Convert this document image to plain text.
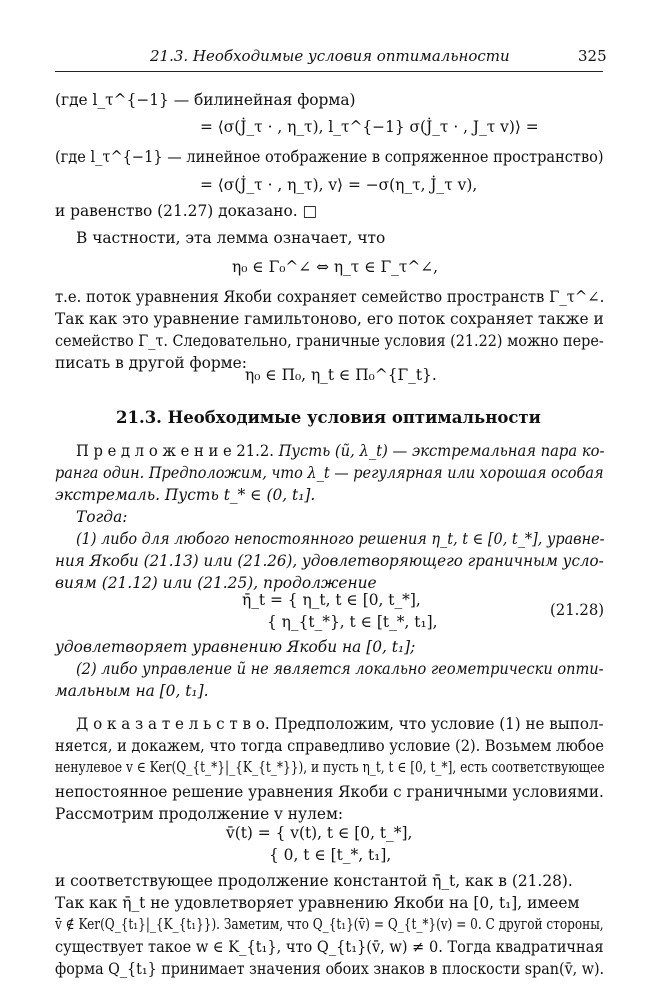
21.3. Необходимые условия оптимальности	325
(где l_τ^{−1} — билинейная форма)
= ⟨σ(J̇_τ · , η_τ), l_τ^{−1} σ(J̇_τ · , J_τ v)⟩ =
(где l_τ^{−1} — линейное отображение в сопряженное пространство)
= ⟨σ(J̇_τ · , η_τ), v⟩ = −σ(η_τ, J̇_τ v),
и равенство (21.27) доказано. □
В частности, эта лемма означает, что
η₀ ∈ Γ₀^∠ ⇔ η_τ ∈ Γ_τ^∠,
т.е. поток уравнения Якоби сохраняет семейство пространств Γ_τ^∠.
Так как это уравнение гамильтоново, его поток сохраняет также и
семейство Γ_τ. Следовательно, граничные условия (21.22) можно пере-
писать в другой форме:
η₀ ∈ Π₀, η_t ∈ Π₀^{Γ_t}.
21.3. Необходимые условия оптимальности
П р е д л о ж е н и е 21.2. Пусть (ũ, λ_t) — экстремальная пара ко-
ранга один. Предположим, что λ_t — регулярная или хорошая особая
экстремаль. Пусть t_* ∈ (0, t₁].
Тогда:
(1) либо для любого непостоянного решения η_t, t ∈ [0, t_*], уравне-
ния Якоби (21.13) или (21.26), удовлетворяющего граничным усло-
виям (21.12) или (21.25), продолжение
η̄_t = { η_t, t ∈ [0, t_*],
{ η_{t_*}, t ∈ [t_*, t₁],
(21.28)
удовлетворяет уравнению Якоби на [0, t₁];
(2) либо управление ũ не является локально геометрически опти-
мальным на [0, t₁].
Д о к а з а т е л ь с т в о. Предположим, что условие (1) не выпол-
няется, и докажем, что тогда справедливо условие (2). Возьмем любое
ненулевое v ∈ Ker(Q_{t_*}|_{K_{t_*}}), и пусть η_t, t ∈ [0, t_*], есть соответствующее
непостоянное решение уравнения Якоби с граничными условиями.
Рассмотрим продолжение v нулем:
v̄(t) = { v(t), t ∈ [0, t_*],
{ 0, t ∈ [t_*, t₁],
и соответствующее продолжение константой η̄_t, как в (21.28).
Так как η̄_t не удовлетворяет уравнению Якоби на [0, t₁], имеем
v̄ ∉ Ker(Q_{t₁}|_{K_{t₁}}). Заметим, что Q_{t₁}(v̄) = Q_{t_*}(v) = 0. С другой стороны,
существует такое w ∈ K_{t₁}, что Q_{t₁}(v̄, w) ≠ 0. Тогда квадратичная
форма Q_{t₁} принимает значения обоих знаков в плоскости span(v̄, w).
